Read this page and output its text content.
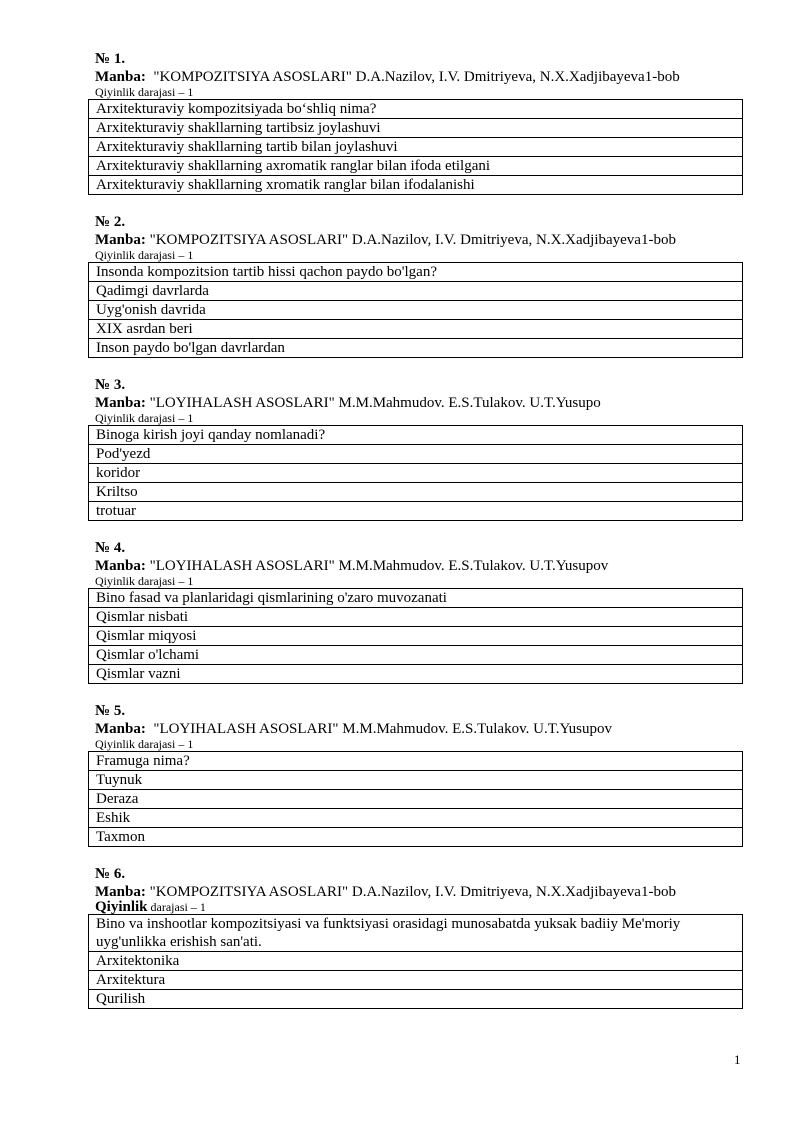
№ 1.
Manba:  "KOMPOZITSIYA ASOSLARI" D.A.Nazilov, I.V. Dmitriyeva, N.X.Xadjibayeva1-bob
Qiyinlik darajasi – 1
Arxitekturaviy kompozitsiyada bo‘shliq nima?
Arxitekturaviy shakllarning tartibsiz joylashuvi
Arxitekturaviy shakllarning tartib bilan joylashuvi
Arxitekturaviy shakllarning axromatik ranglar bilan ifoda etilgani
Arxitekturaviy shakllarning xromatik ranglar bilan ifodalanishi
№ 2.
Manba: "KOMPOZITSIYA ASOSLARI" D.A.Nazilov, I.V. Dmitriyeva, N.X.Xadjibayeva1-bob
Qiyinlik darajasi – 1
Insonda kompozitsion tartib hissi qachon paydo bo'lgan?
Qadimgi davrlarda
Uyg'onish davrida
XIX asrdan beri
Inson paydo bo'lgan davrlardan
№ 3.
Manba: "LOYIHALASH ASOSLARI" M.M.Mahmudov. E.S.Tulakov. U.T.Yusupo
Qiyinlik darajasi – 1
Binoga kirish joyi qanday nomlanadi?
Pod'yezd
koridor
Kriltso
trotuar
№ 4.
Manba: "LOYIHALASH ASOSLARI" M.M.Mahmudov. E.S.Tulakov. U.T.Yusupov
Qiyinlik darajasi – 1
Bino fasad va planlaridagi qismlarining o'zaro muvozanati
Qismlar nisbati
Qismlar miqyosi
Qismlar o'lchami
Qismlar vazni
№ 5.
Manba:  "LOYIHALASH ASOSLARI" M.M.Mahmudov. E.S.Tulakov. U.T.Yusupov
Qiyinlik darajasi – 1
Framuga nima?
Tuynuk
Deraza
Eshik
Taxmon
№ 6.
Manba: "KOMPOZITSIYA ASOSLARI" D.A.Nazilov, I.V. Dmitriyeva, N.X.Xadjibayeva1-bob
Qiyinlik darajasi – 1
Bino va inshootlar kompozitsiyasi va funktsiyasi orasidagi munosabatda yuksak badiiy Me'moriy uyg'unlikka erishish san'ati.
Arxitektonika
Arxitektura
Qurilish
1
